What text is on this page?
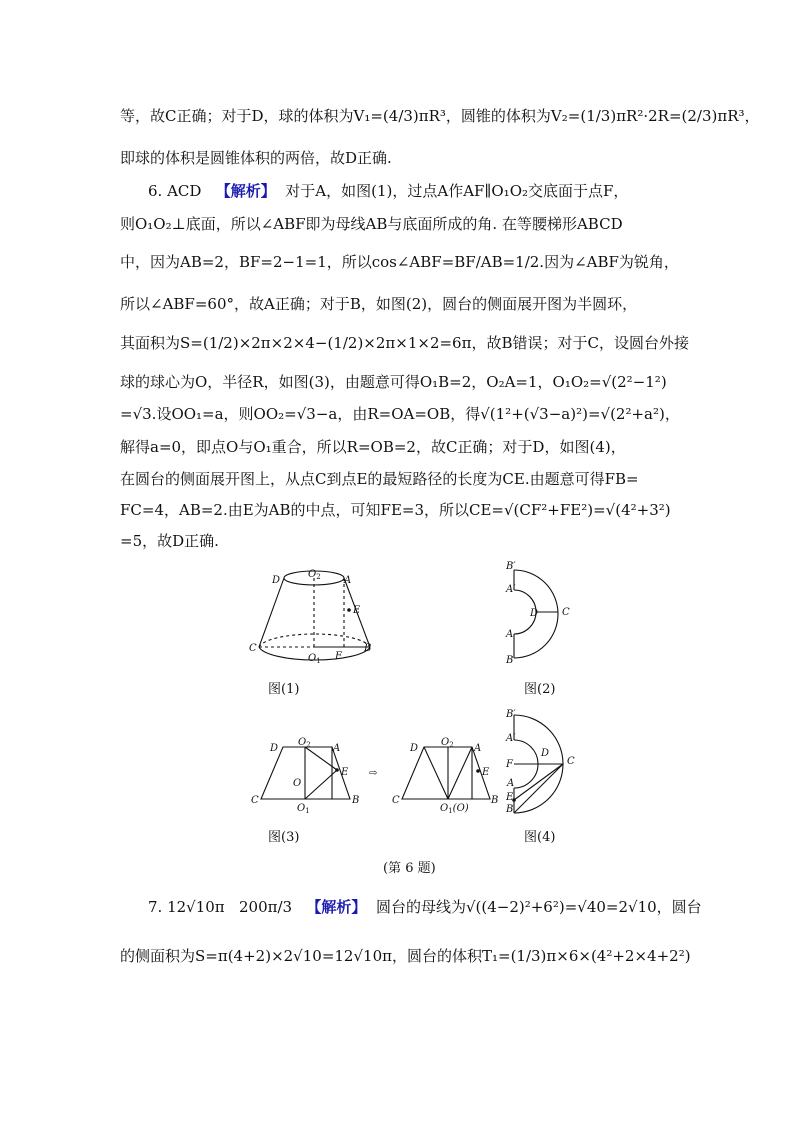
等，故C正确；对于D，球的体积为V₁=(4/3)πR³，圆锥的体积为V₂=(1/3)πR²·2R=(2/3)πR³，
即球的体积是圆锥体积的两倍，故D正确.
6. ACD 【解析】 对于A，如图(1)，过点A作AF∥O₁O₂交底面于点F，
则O₁O₂⊥底面，所以∠ABF即为母线AB与底面所成的角. 在等腰梯形ABCD
中，因为AB=2，BF=2−1=1，所以cos∠ABF=BF/AB=1/2.因为∠ABF为锐角，
所以∠ABF=60°，故A正确；对于B，如图(2)，圆台的侧面展开图为半圆环，
其面积为S=(1/2)×2π×2×4−(1/2)×2π×1×2=6π，故B错误；对于C，设圆台外接
球的球心为O，半径R，如图(3)，由题意可得O₁B=2，O₂A=1，O₁O₂=√(2²−1²)
=√3.设OO₁=a，则OO₂=√3−a，由R=OA=OB，得√(1²+(√3−a)²)=√(2²+a²)，
解得a=0，即点O与O₁重合，所以R=OB=2，故C正确；对于D，如图(4)，
在圆台的侧面展开图上，从点C到点E的最短路径的长度为CE.由题意可得FB=
FC=4，AB=2.由E为AB的中点，可知FE=3，所以CE=√(CF²+FE²)=√(4²+3²)
=5，故D正确.
7. 12√10π 200π/3 【解析】 圆台的母线为√((4−2)²+6²)=√40=2√10，圆台
的侧面积为S=π(4+2)×2√10=12√10π，圆台的体积T₁=(1/3)π×6×(4²+2×4+2²)
D
$O_2$ A
E
C
$O_1$ F
B
B′
A′
D C
A
B
D
$O_2$ A
E
O
C
$O_1$
B
⇨
D
$O_2$ A
E
C
$O_1(O)$
B
B′
A′
D
F	C
A
E
B
图(1)	图(2)
图(3)	图(4)
(第 6 题)
